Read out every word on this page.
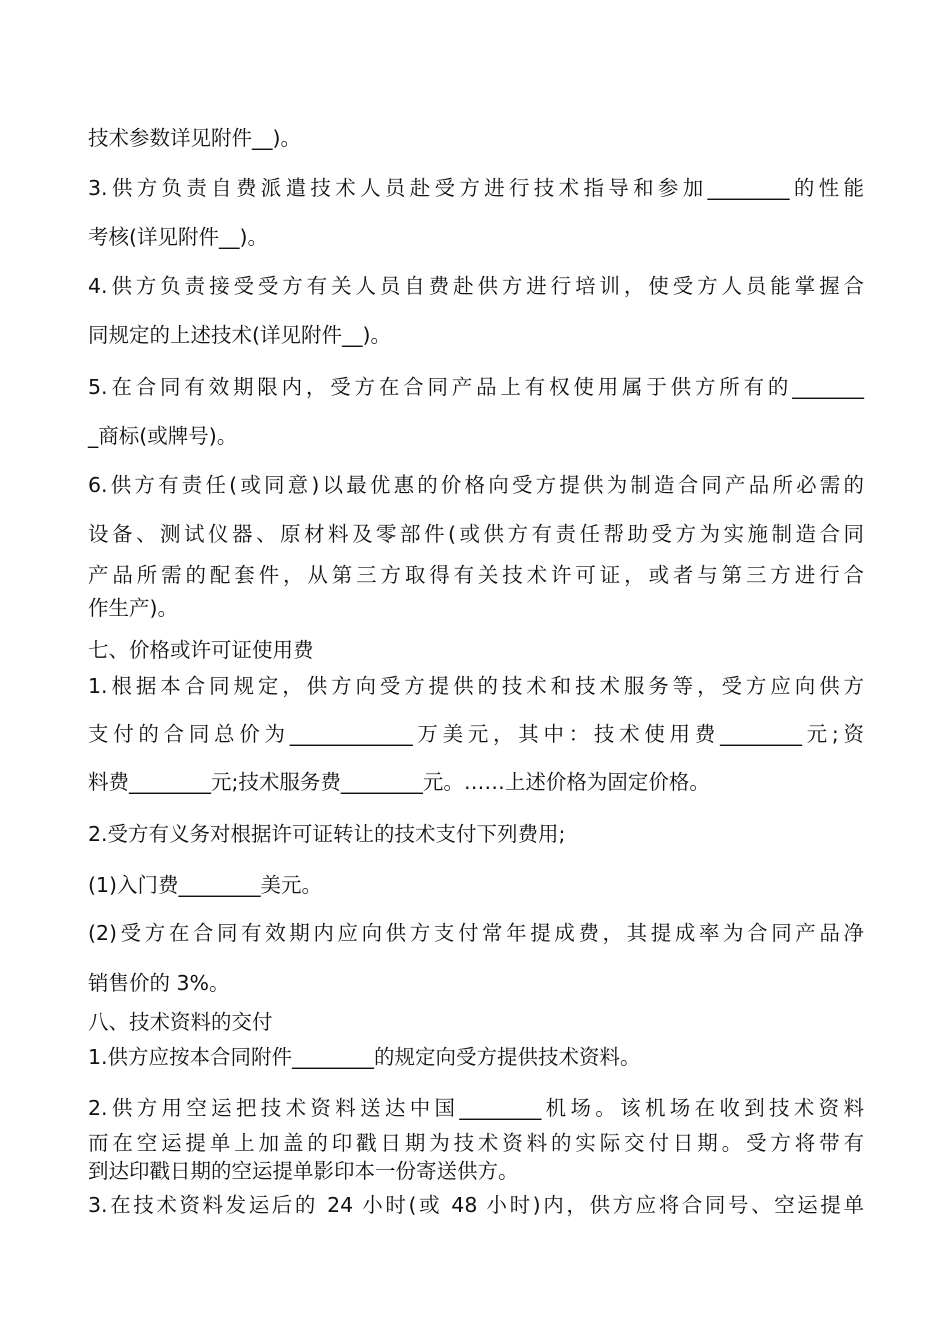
技术参数详见附件__)。
3.供方负责自费派遣技术人员赴受方进行技术指导和参加________的性能
考核(详见附件__)。
4.供方负责接受受方有关人员自费赴供方进行培训，使受方人员能掌握合
同规定的上述技术(详见附件__)。
5.在合同有效期限内，受方在合同产品上有权使用属于供方所有的_______
_商标(或牌号)。
6.供方有责任(或同意)以最优惠的价格向受方提供为制造合同产品所必需的
设备、测试仪器、原材料及零部件(或供方有责任帮助受方为实施制造合同
产品所需的配套件，从第三方取得有关技术许可证，或者与第三方进行合
作生产)。
七、价格或许可证使用费
1.根据本合同规定，供方向受方提供的技术和技术服务等，受方应向供方
支付的合同总价为____________万美元，其中：技术使用费________元;资
料费________元;技术服务费________元。……上述价格为固定价格。
2.受方有义务对根据许可证转让的技术支付下列费用;
(1)入门费________美元。
(2)受方在合同有效期内应向供方支付常年提成费，其提成率为合同产品净
销售价的 3%。
八、技术资料的交付
1.供方应按本合同附件________的规定向受方提供技术资料。
2.供方用空运把技术资料送达中国________机场。该机场在收到技术资料
而在空运提单上加盖的印戳日期为技术资料的实际交付日期。受方将带有
到达印戳日期的空运提单影印本一份寄送供方。
3.在技术资料发运后的 24 小时(或 48 小时)内，供方应将合同号、空运提单
